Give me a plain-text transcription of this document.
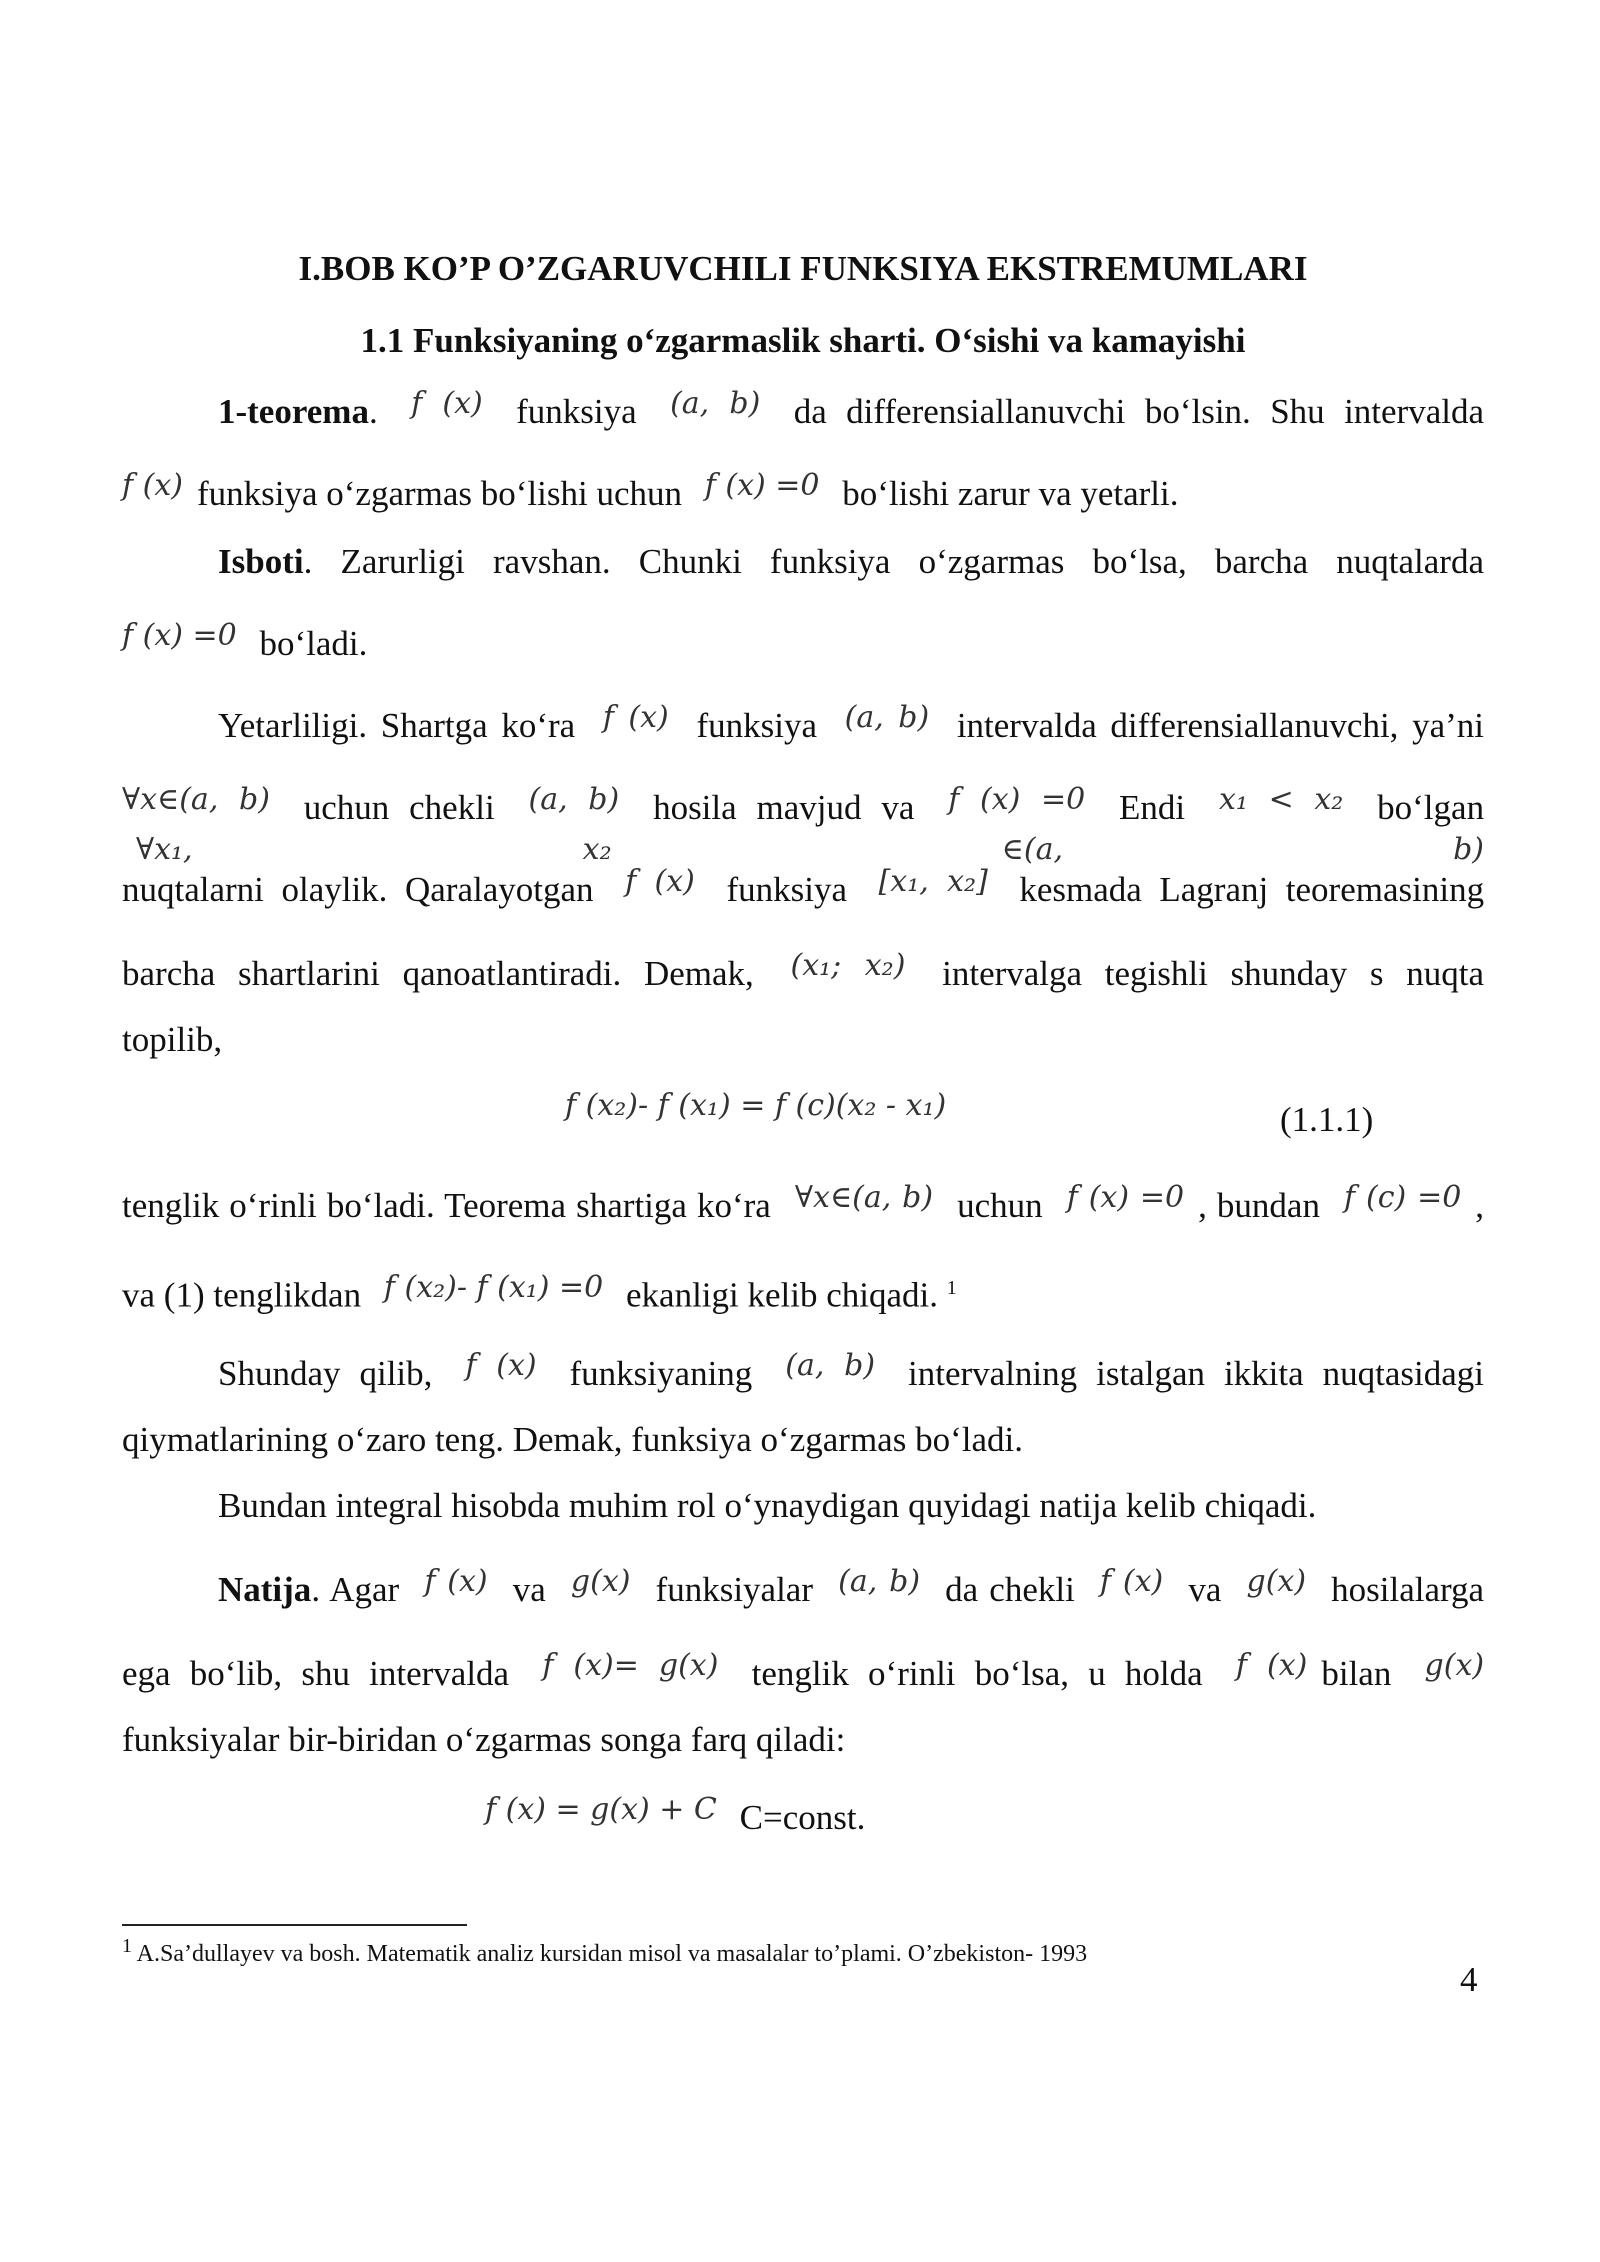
I.BOB KO’P O’ZGARUVCHILI FUNKSIYA EKSTREMUMLARI
1.1 Funksiyaning o‘zgarmaslik sharti. O‘sishi va kamayishi
1-teorema. f (x) funksiya (a, b) da differensiallanuvchi bo‘lsin. Shu intervalda
f (x) funksiya o‘zgarmas bo‘lishi uchun f (x) =0 bo‘lishi zarur va yetarli.
Isboti. Zarurligi ravshan. Chunki funksiya o‘zgarmas bo‘lsa, barcha nuqtalarda
f (x) =0 bo‘ladi.
Yetarliligi. Shartga ko‘ra f (x) funksiya (a, b) intervalda differensiallanuvchi, ya’ni
∀x∈(a, b) uchun chekli (a, b) hosila mavjud va f (x) =0 Endi x₁ < x₂ bo‘lgan ∀x₁, x₂ ∈(a, b)
nuqtalarni olaylik. Qaralayotgan f (x) funksiya [x₁, x₂] kesmada Lagranj teoremasining
barcha shartlarini qanoatlantiradi. Demak, (x₁; x₂) intervalga tegishli shunday s nuqta
topilib,
f (x₂)- f (x₁) = f (c)(x₂ - x₁)	(1.1.1)
tenglik o‘rinli bo‘ladi. Teorema shartiga ko‘ra ∀x∈(a, b) uchun f (x) =0 , bundan f (c) =0 ,
va (1) tenglikdan f (x₂)- f (x₁) =0 ekanligi kelib chiqadi. $^1$
Shunday qilib, f (x) funksiyaning (a, b) intervalning istalgan ikkita nuqtasidagi
qiymatlarining o‘zaro teng. Demak, funksiya o‘zgarmas bo‘ladi.
Bundan integral hisobda muhim rol o‘ynaydigan quyidagi natija kelib chiqadi.
Natija. Agar f (x) va g(x) funksiyalar (a, b) da chekli f (x) va g(x) hosilalarga
ega bo‘lib, shu intervalda f (x)= g(x) tenglik o‘rinli bo‘lsa, u holda f (x) bilan g(x)
funksiyalar bir-biridan o‘zgarmas songa farq qiladi:
f (x) = g(x) + C C=const.
$^1$ A.Sa’dullayev va bosh. Matematik analiz kursidan misol va masalalar to’plami. O’zbekiston- 1993
4
